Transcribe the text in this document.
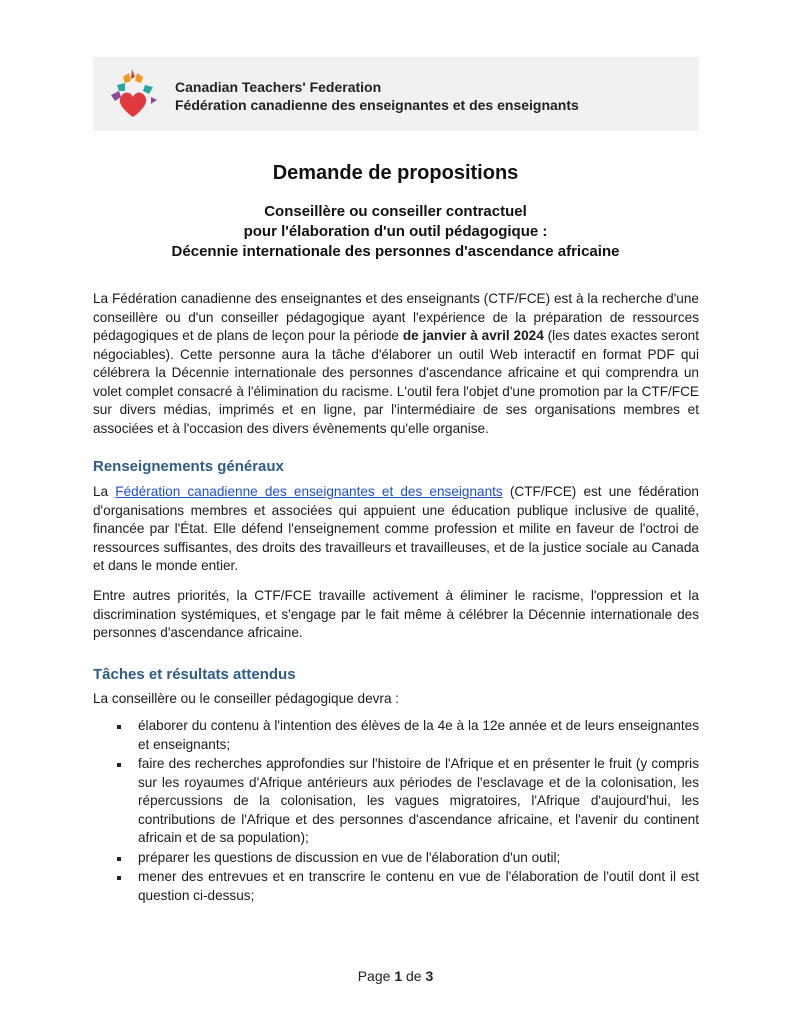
Canadian Teachers' Federation
Fédération canadienne des enseignantes et des enseignants
Demande de propositions
Conseillère ou conseiller contractuel
pour l'élaboration d'un outil pédagogique :
Décennie internationale des personnes d'ascendance africaine
La Fédération canadienne des enseignantes et des enseignants (CTF/FCE) est à la recherche d'une conseillère ou d'un conseiller pédagogique ayant l'expérience de la préparation de ressources pédagogiques et de plans de leçon pour la période de janvier à avril 2024 (les dates exactes seront négociables). Cette personne aura la tâche d'élaborer un outil Web interactif en format PDF qui célébrera la Décennie internationale des personnes d'ascendance africaine et qui comprendra un volet complet consacré à l'élimination du racisme. L'outil fera l'objet d'une promotion par la CTF/FCE sur divers médias, imprimés et en ligne, par l'intermédiaire de ses organisations membres et associées et à l'occasion des divers évènements qu'elle organise.
Renseignements généraux
La Fédération canadienne des enseignantes et des enseignants (CTF/FCE) est une fédération d'organisations membres et associées qui appuient une éducation publique inclusive de qualité, financée par l'État. Elle défend l'enseignement comme profession et milite en faveur de l'octroi de ressources suffisantes, des droits des travailleurs et travailleuses, et de la justice sociale au Canada et dans le monde entier.
Entre autres priorités, la CTF/FCE travaille activement à éliminer le racisme, l'oppression et la discrimination systémiques, et s'engage par le fait même à célébrer la Décennie internationale des personnes d'ascendance africaine.
Tâches et résultats attendus
La conseillère ou le conseiller pédagogique devra :
élaborer du contenu à l'intention des élèves de la 4e à la 12e année et de leurs enseignantes et enseignants;
faire des recherches approfondies sur l'histoire de l'Afrique et en présenter le fruit (y compris sur les royaumes d'Afrique antérieurs aux périodes de l'esclavage et de la colonisation, les répercussions de la colonisation, les vagues migratoires, l'Afrique d'aujourd'hui, les contributions de l'Afrique et des personnes d'ascendance africaine, et l'avenir du continent africain et de sa population);
préparer les questions de discussion en vue de l'élaboration d'un outil;
mener des entrevues et en transcrire le contenu en vue de l'élaboration de l'outil dont il est question ci-dessus;
Page 1 de 3
